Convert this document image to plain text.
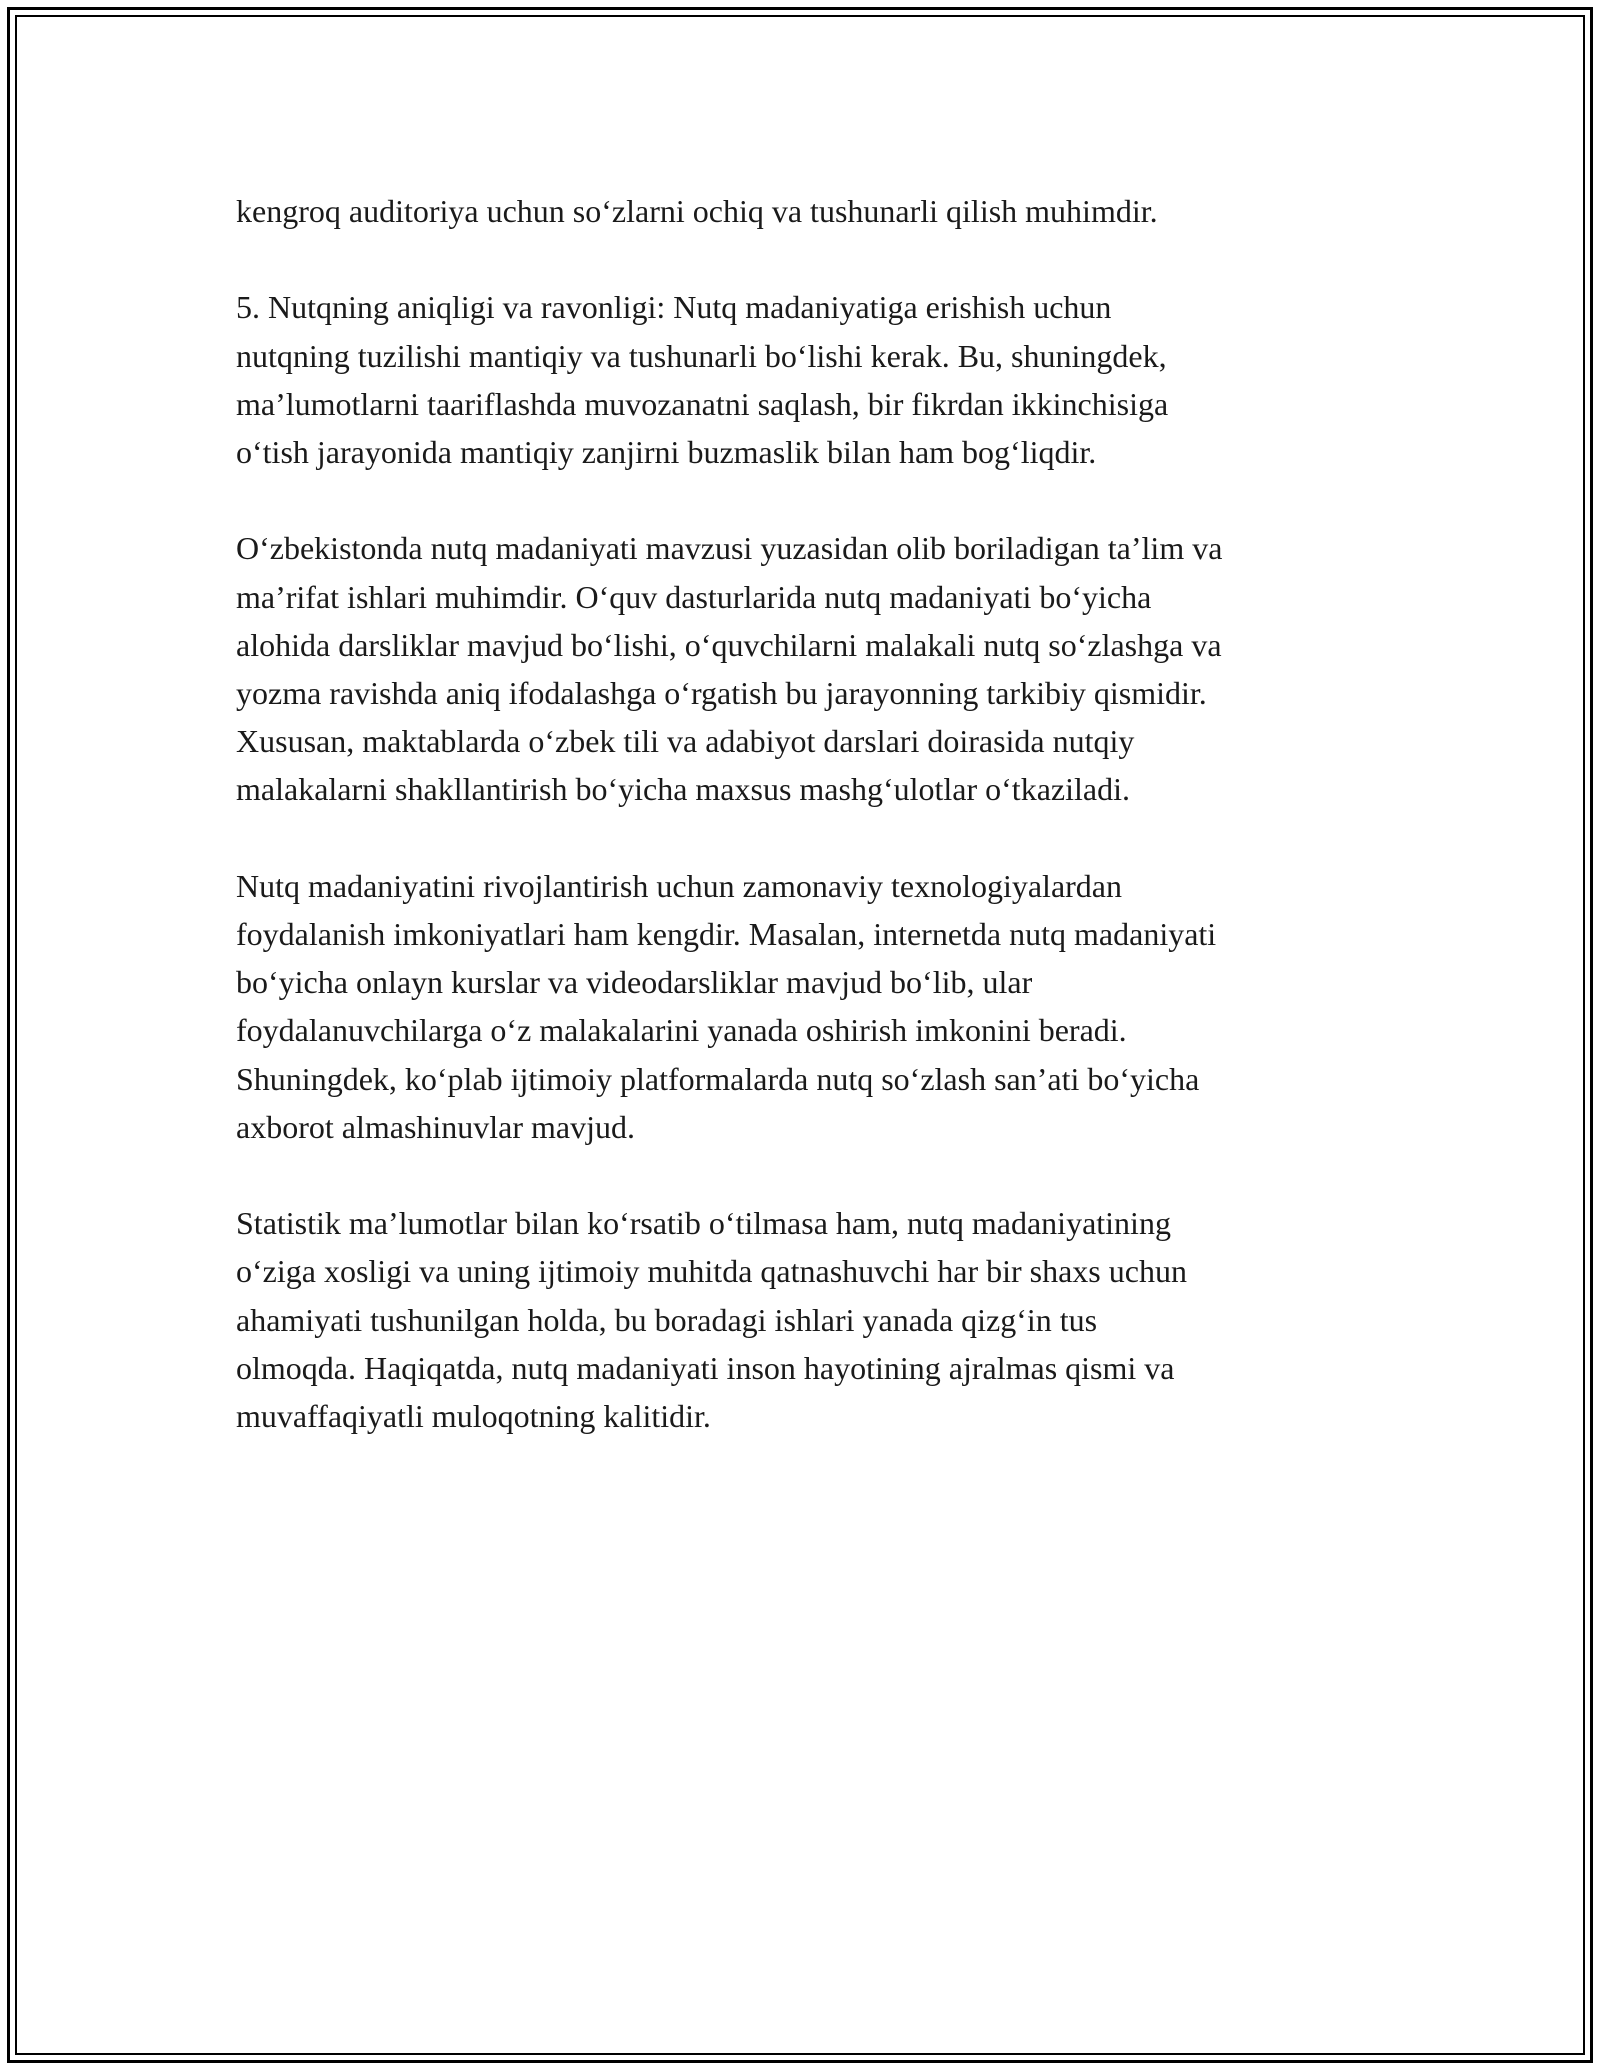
kengroq auditoriya uchun so‘zlarni ochiq va tushunarli qilish muhimdir.

5. Nutqning aniqligi va ravonligi: Nutq madaniyatiga erishish uchun
nutqning tuzilishi mantiqiy va tushunarli bo‘lishi kerak. Bu, shuningdek,
ma’lumotlarni taariflashda muvozanatni saqlash, bir fikrdan ikkinchisiga
o‘tish jarayonida mantiqiy zanjirni buzmaslik bilan ham bog‘liqdir.

O‘zbekistonda nutq madaniyati mavzusi yuzasidan olib boriladigan ta’lim va
ma’rifat ishlari muhimdir. O‘quv dasturlarida nutq madaniyati bo‘yicha
alohida darsliklar mavjud bo‘lishi, o‘quvchilarni malakali nutq so‘zlashga va
yozma ravishda aniq ifodalashga o‘rgatish bu jarayonning tarkibiy qismidir.
Xususan, maktablarda o‘zbek tili va adabiyot darslari doirasida nutqiy
malakalarni shakllantirish bo‘yicha maxsus mashg‘ulotlar o‘tkaziladi.

Nutq madaniyatini rivojlantirish uchun zamonaviy texnologiyalardan
foydalanish imkoniyatlari ham kengdir. Masalan, internetda nutq madaniyati
bo‘yicha onlayn kurslar va videodarsliklar mavjud bo‘lib, ular
foydalanuvchilarga o‘z malakalarini yanada oshirish imkonini beradi.
Shuningdek, ko‘plab ijtimoiy platformalarda nutq so‘zlash san’ati bo‘yicha
axborot almashinuvlar mavjud.

Statistik ma’lumotlar bilan ko‘rsatib o‘tilmasa ham, nutq madaniyatining
o‘ziga xosligi va uning ijtimoiy muhitda qatnashuvchi har bir shaxs uchun
ahamiyati tushunilgan holda, bu boradagi ishlari yanada qizg‘in tus
olmoqda. Haqiqatda, nutq madaniyati inson hayotining ajralmas qismi va
muvaffaqiyatli muloqotning kalitidir.
